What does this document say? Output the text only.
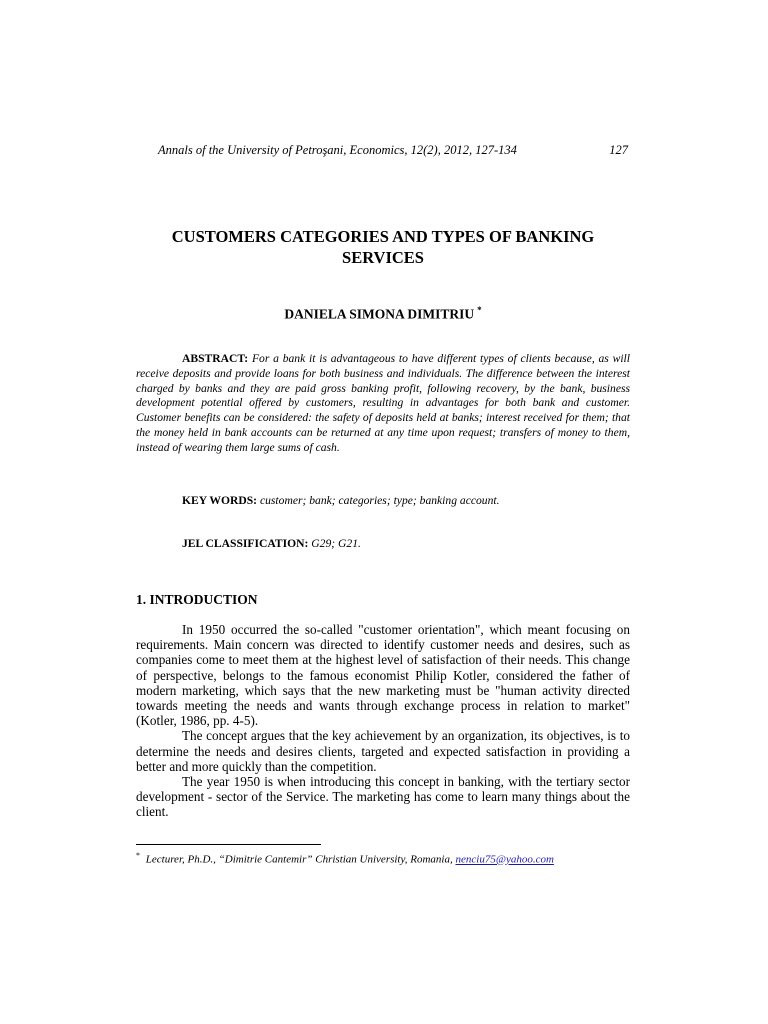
Annals of the University of Petroşani, Economics, 12(2), 2012, 127-134	127
CUSTOMERS CATEGORIES AND TYPES OF BANKING SERVICES
DANIELA SIMONA DIMITRIU *
ABSTRACT: For a bank it is advantageous to have different types of clients because, as will receive deposits and provide loans for both business and individuals. The difference between the interest charged by banks and they are paid gross banking profit, following recovery, by the bank, business development potential offered by customers, resulting in advantages for both bank and customer. Customer benefits can be considered: the safety of deposits held at banks; interest received for them; that the money held in bank accounts can be returned at any time upon request; transfers of money to them, instead of wearing them large sums of cash.
KEY WORDS: customer; bank; categories; type; banking account.
JEL CLASSIFICATION: G29; G21.
1. INTRODUCTION

In 1950 occurred the so-called "customer orientation", which meant focusing on requirements. Main concern was directed to identify customer needs and desires, such as companies come to meet them at the highest level of satisfaction of their needs. This change of perspective, belongs to the famous economist Philip Kotler, considered the father of modern marketing, which says that the new marketing must be "human activity directed towards meeting the needs and wants through exchange process in relation to market" (Kotler, 1986, pp. 4-5).

The concept argues that the key achievement by an organization, its objectives, is to determine the needs and desires clients, targeted and expected satisfaction in providing a better and more quickly than the competition.

The year 1950 is when introducing this concept in banking, with the tertiary sector development - sector of the Service. The marketing has come to learn many things about the client.

* Lecturer, Ph.D., “Dimitrie Cantemir” Christian University, Romania, nenciu75@yahoo.com
